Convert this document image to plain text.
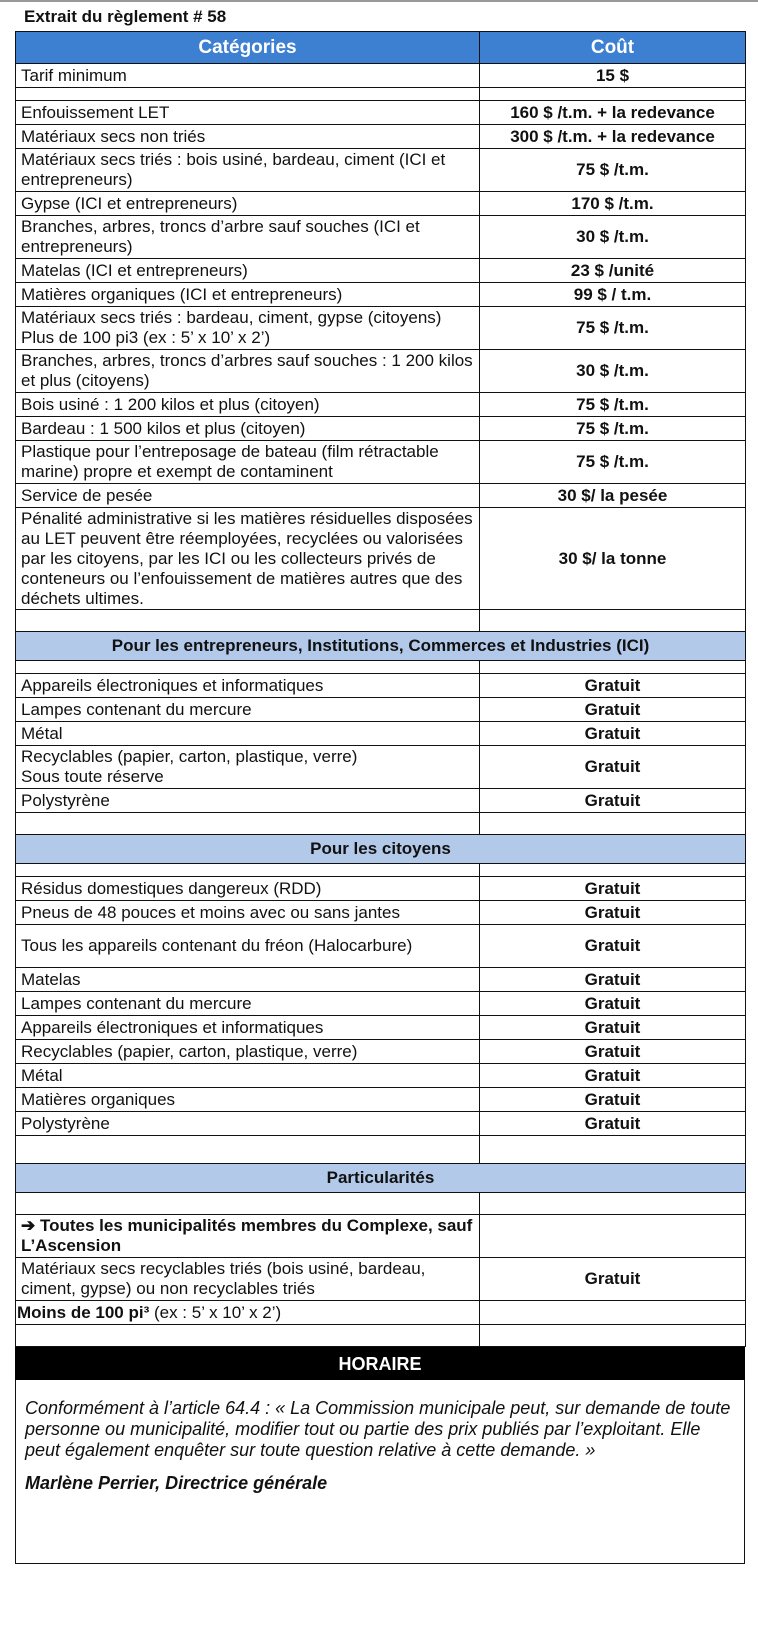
Extrait du règlement # 58
Catégories	Coût
Tarif minimum	15 $

Enfouissement LET	160 $ /t.m. + la redevance
Matériaux secs non triés	300 $ /t.m. + la redevance
Matériaux secs triés : bois usiné, bardeau, ciment (ICI et entrepreneurs)	75 $ /t.m.
Gypse (ICI et entrepreneurs)	170 $ /t.m.
Branches, arbres, troncs d’arbre sauf souches (ICI et entrepreneurs)	30 $ /t.m.
Matelas (ICI et entrepreneurs)	23 $ /unité
Matières organiques (ICI et entrepreneurs)	99 $ / t.m.
Matériaux secs triés : bardeau, ciment, gypse (citoyens) Plus de 100 pi3 (ex : 5’ x 10’ x 2’)	75 $ /t.m.
Branches, arbres, troncs d’arbres sauf souches : 1 200 kilos et plus (citoyens)	30 $ /t.m.
Bois usiné : 1 200 kilos et plus (citoyen)	75 $ /t.m.
Bardeau : 1 500 kilos et plus (citoyen)	75 $ /t.m.
Plastique pour l’entreposage de bateau (film rétractable marine) propre et exempt de contaminent	75 $ /t.m.
Service de pesée	30 $/ la pesée
Pénalité administrative si les matières résiduelles disposées au LET peuvent être réemployées, recyclées ou valorisées par les citoyens, par les ICI ou les collecteurs privés de conteneurs ou l’enfouissement de matières autres que des déchets ultimes.	30 $/ la tonne

Pour les entrepreneurs, Institutions, Commerces et Industries (ICI)	

Appareils électroniques et informatiques	Gratuit
Lampes contenant du mercure	Gratuit
Métal	Gratuit
Recyclables (papier, carton, plastique, verre)
Sous toute réserve	Gratuit
Polystyrène	Gratuit

Pour les citoyens	

Résidus domestiques dangereux (RDD)	Gratuit
Pneus de 48 pouces et moins avec ou sans jantes	Gratuit
Tous les appareils contenant du fréon (Halocarbure)	Gratuit
Matelas	Gratuit
Lampes contenant du mercure	Gratuit
Appareils électroniques et informatiques	Gratuit
Recyclables (papier, carton, plastique, verre)	Gratuit
Métal	Gratuit
Matières organiques	Gratuit
Polystyrène	Gratuit

Particularités	

➔ Toutes les municipalités membres du Complexe, sauf L’Ascension	
Matériaux secs recyclables triés (bois usiné, bardeau, ciment, gypse) ou non recyclables triés	Gratuit
Moins de 100 pi³ (ex : 5’ x 10’ x 2’)	

HORAIRE

Conformément à l’article 64.4 : « La Commission municipale peut, sur demande de toute personne ou municipalité, modifier tout ou partie des prix publiés par l’exploitant. Elle peut également enquêter sur toute question relative à cette demande. »

Marlène Perrier, Directrice générale
